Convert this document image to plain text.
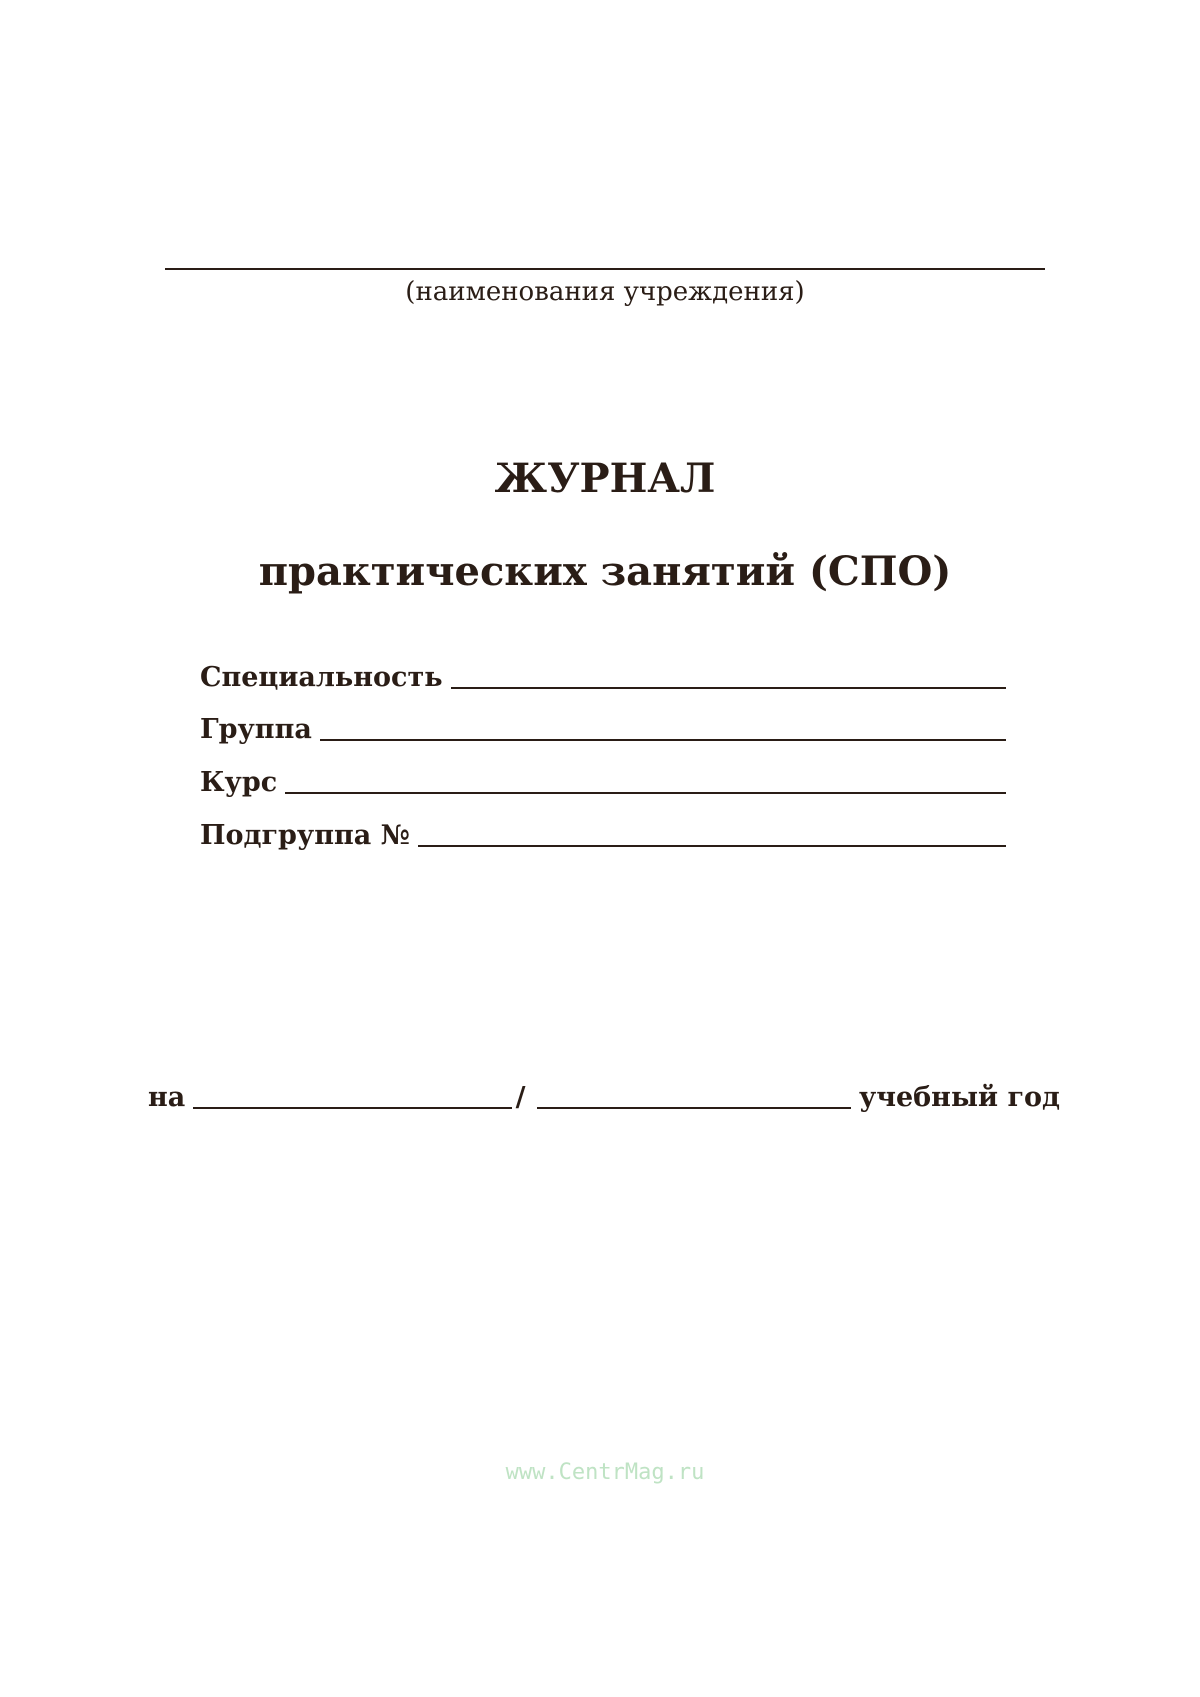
(наименования учреждения)
ЖУРНАЛ
практических занятий (СПО)
Специальность
Группа
Курс
Подгруппа №
на	/	учебный год
www.CentrMag.ru
